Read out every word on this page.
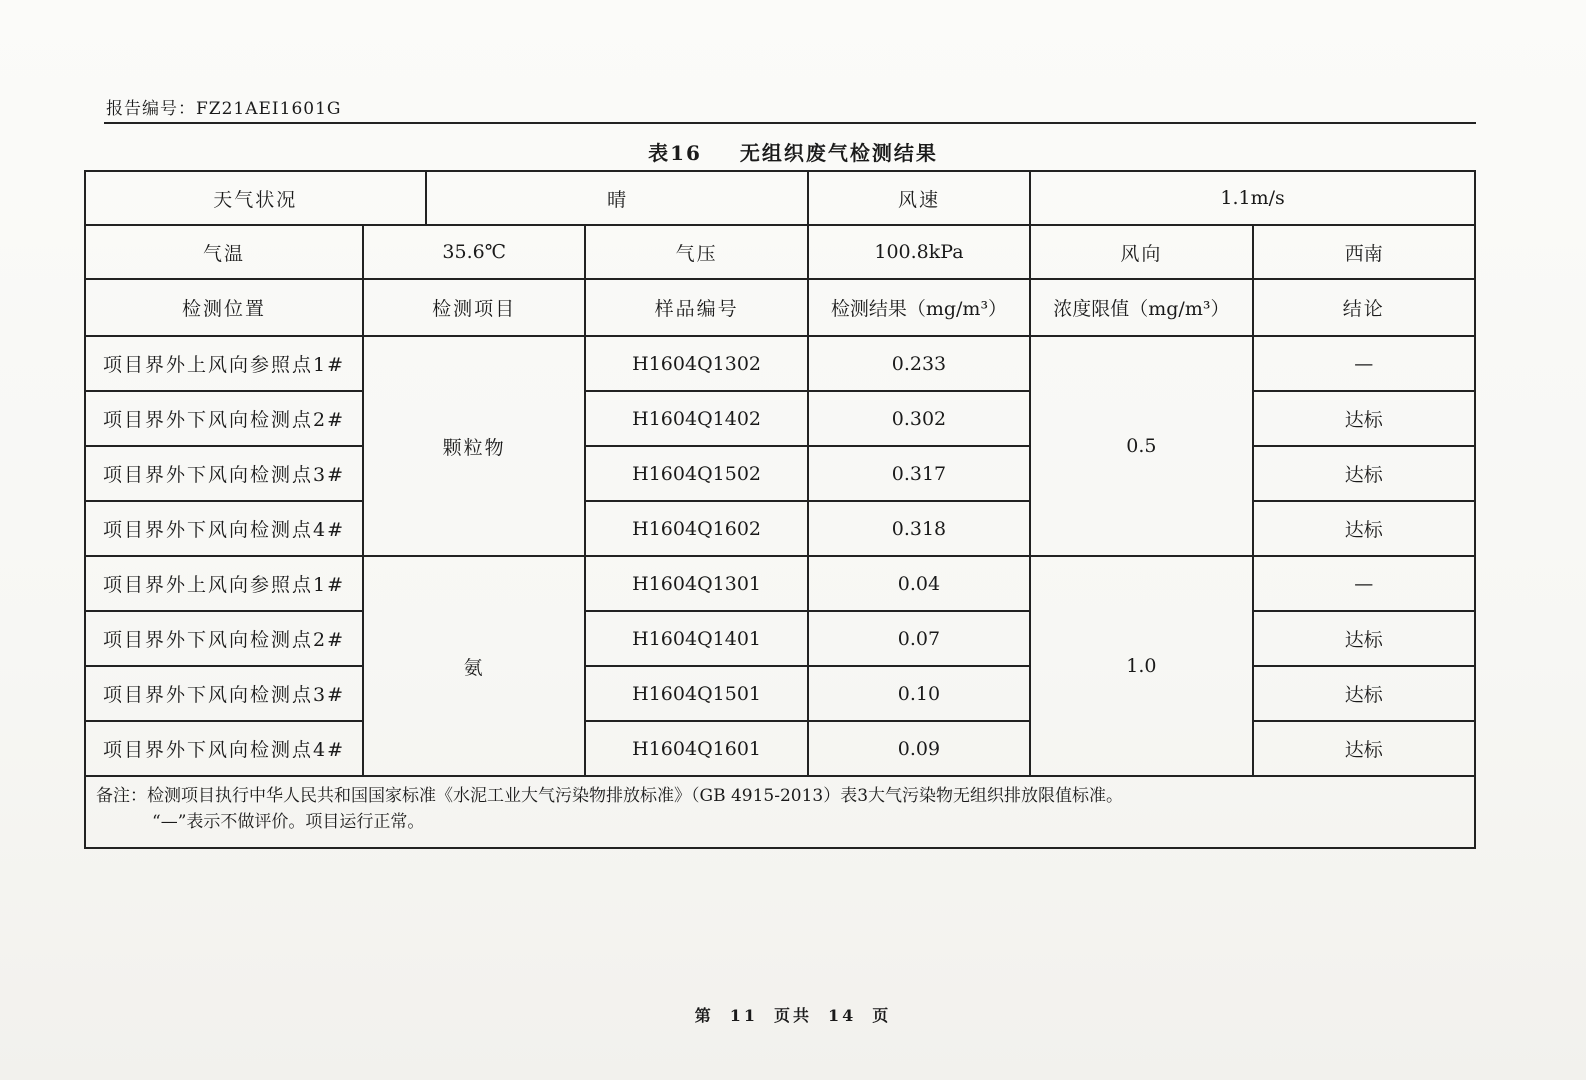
报告编号：FZ21AEI1601G
表16 无组织废气检测结果
天气状况		晴		风速	1.1m/s	
气温	35.6℃		气压	100.8kPa	风向	西南
检测位置	检测项目		样品编号	检测结果（mg/m³）	浓度限值（mg/m³）	结论
项目界外上风向参照点1#	颗粒物		H1604Q1302	0.233	0.5	—
项目界外下风向检测点2#			H1604Q1402	0.302		达标
项目界外下风向检测点3#			H1604Q1502	0.317		达标
项目界外下风向检测点4#			H1604Q1602	0.318		达标
项目界外上风向参照点1#	氨		H1604Q1301	0.04	1.0	—
项目界外下风向检测点2#			H1604Q1401	0.07		达标
项目界外下风向检测点3#			H1604Q1501	0.10		达标
项目界外下风向检测点4#			H1604Q1601	0.09		达标

备注：检测项目执行中华人民共和国国家标准《水泥工业大气污染物排放标准》（GB 4915-2013）表3大气污染物无组织排放限值标准。
“—”表示不做评价。项目运行正常。						
第 11 页共 14 页
